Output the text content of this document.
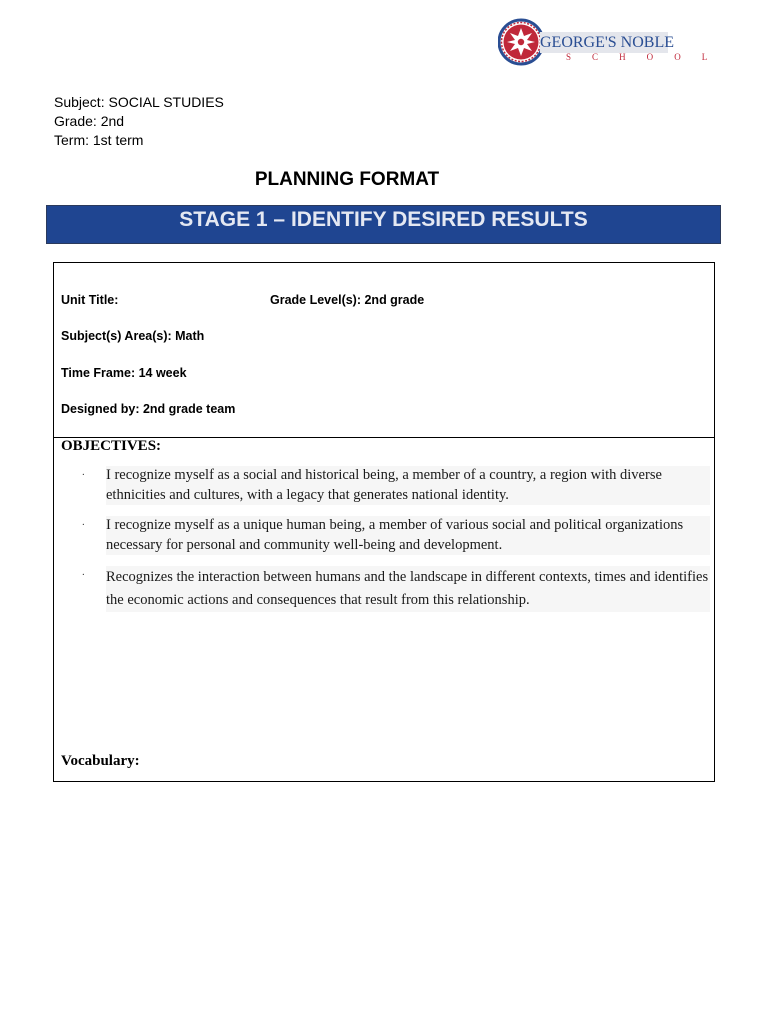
GEORGE'S NOBLE
S C H O O L
Subject: SOCIAL STUDIES
Grade: 2nd
Term: 1st term
PLANNING FORMAT
STAGE 1 – IDENTIFY DESIRED RESULTS
Unit Title:	Grade Level(s): 2nd grade
Subject(s) Area(s): Math
Time Frame: 14 week
Designed by: 2nd grade team
OBJECTIVES:
. I recognize myself as a social and historical being, a member of a country, a region with diverse ethnicities and cultures, with a legacy that generates national identity.
. I recognize myself as a unique human being, a member of various social and political organizations necessary for personal and community well-being and development.
. Recognizes the interaction between humans and the landscape in different contexts, times and identifies the economic actions and consequences that result from this relationship.
Vocabulary:
